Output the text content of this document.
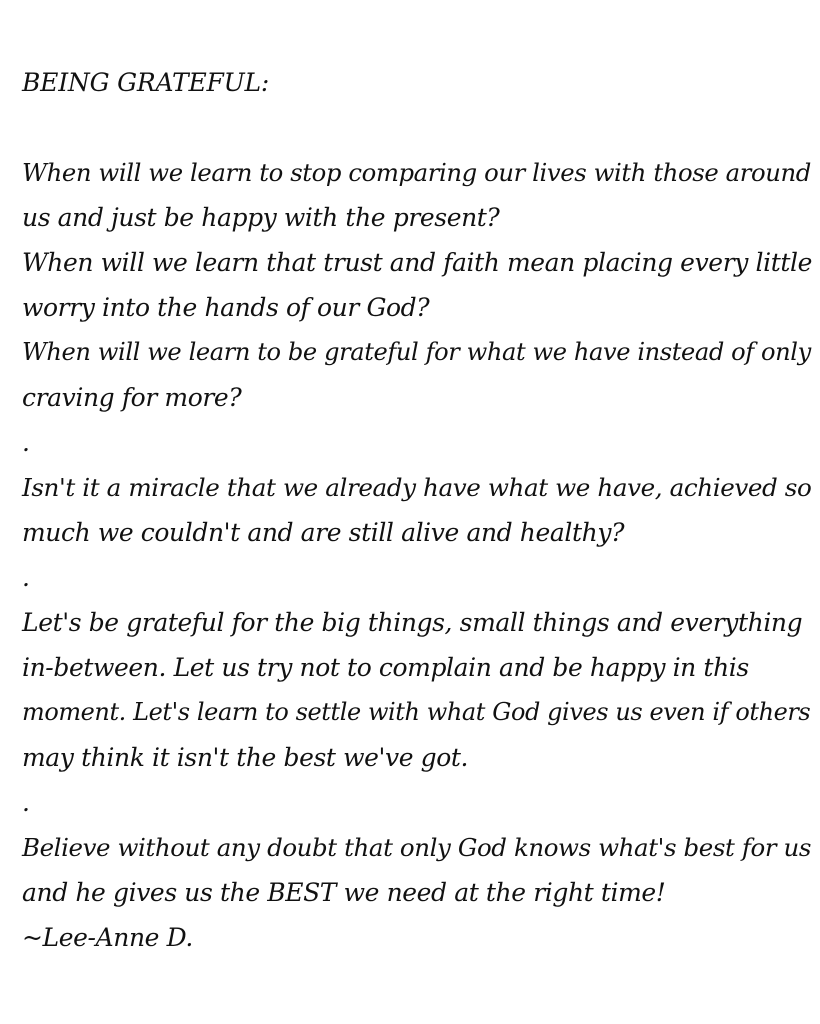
BEING GRATEFUL:
When will we learn to stop comparing our lives with those around
us and just be happy with the present?
When will we learn that trust and faith mean placing every little
worry into the hands of our God?
When will we learn to be grateful for what we have instead of only
craving for more?
.
Isn't it a miracle that we already have what we have, achieved so
much we couldn't and are still alive and healthy?
.
Let's be grateful for the big things, small things and everything
in-between. Let us try not to complain and be happy in this
moment. Let's learn to settle with what God gives us even if others
may think it isn't the best we've got.
.
Believe without any doubt that only God knows what's best for us
and he gives us the BEST we need at the right time!
~Lee-Anne D.
